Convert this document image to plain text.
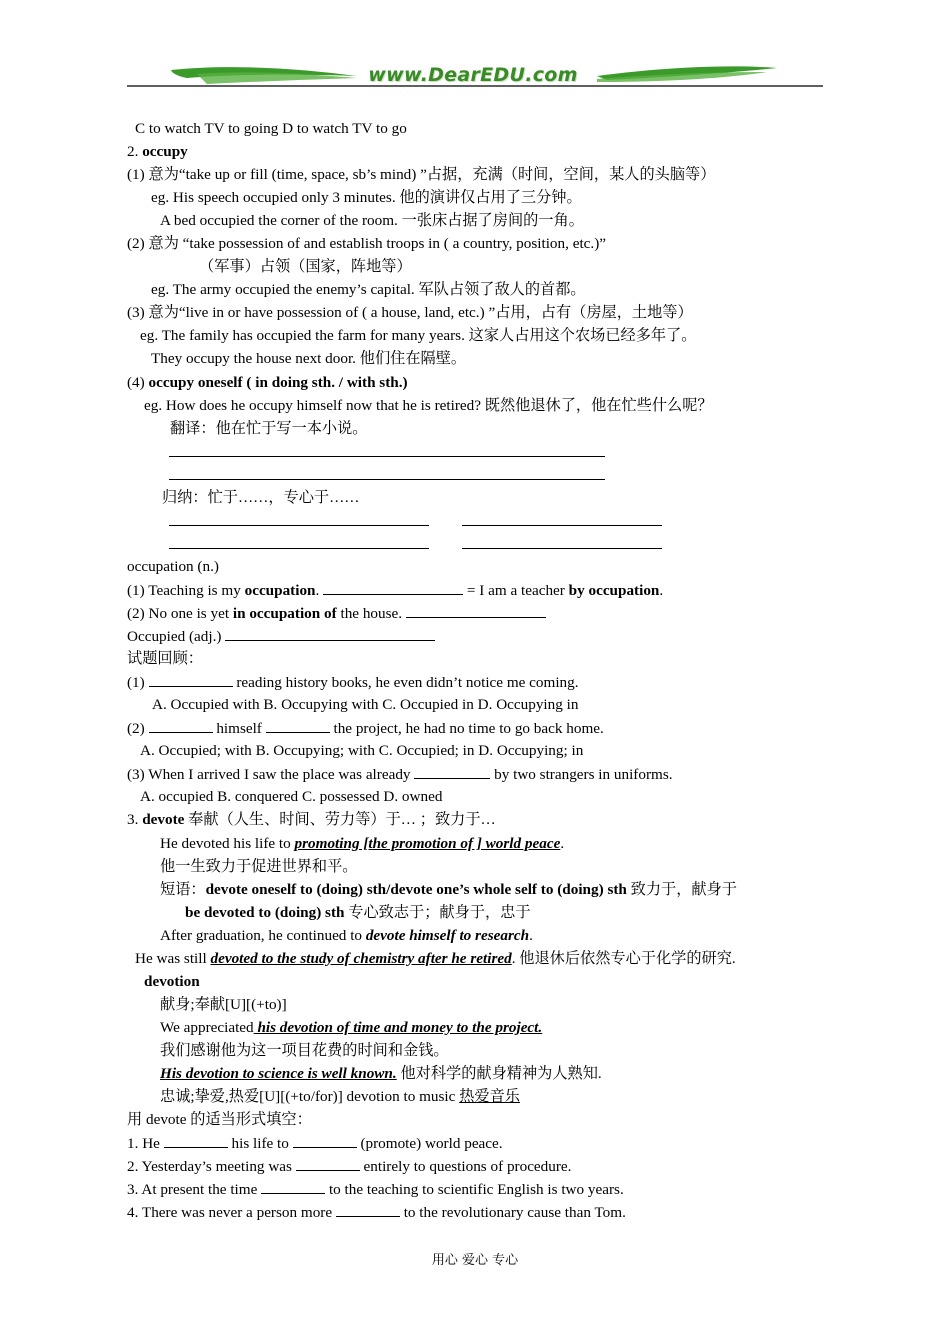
www.DearEDU.com
C to watch TV to going D to watch TV to go
2. occupy
(1) 意为“take up or fill (time, space, sb’s mind) ”占据，充满（时间，空间，某人的头脑等）
eg. His speech occupied only 3 minutes. 他的演讲仅占用了三分钟。
A bed occupied the corner of the room. 一张床占据了房间的一角。
(2) 意为 “take possession of and establish troops in ( a country, position, etc.)”
（军事）占领（国家，阵地等）
eg. The army occupied the enemy’s capital. 军队占领了敌人的首都。
(3) 意为“live in or have possession of ( a house, land, etc.) ”占用，占有（房屋，土地等）
eg. The family has occupied the farm for many years. 这家人占用这个农场已经多年了。
They occupy the house next door. 他们住在隔壁。
(4) occupy oneself ( in doing sth. / with sth.)
eg. How does he occupy himself now that he is retired? 既然他退休了，他在忙些什么呢？
翻译：他在忙于写一本小说。
归纳：忙于……，专心于……
occupation (n.)
(1) Teaching is my occupation.	= I am a teacher by occupation.
(2) No one is yet in occupation of the house.
Occupied (adj.)
试题回顾：
(1)	reading history books, he even didn’t notice me coming.
A. Occupied with B. Occupying with C. Occupied in D. Occupying in
(2)	himself	the project, he had no time to go back home.
A. Occupied; with B. Occupying; with C. Occupied; in D. Occupying; in
(3) When I arrived I saw the place was already	by two strangers in uniforms.
A. occupied B. conquered C. possessed D. owned
3. devote 奉献（人生、时间、劳力等）于… ；致力于…
He devoted his life to promoting [the promotion of ] world peace.
他一生致力于促进世界和平。
短语：devote oneself to (doing) sth/devote one’s whole self to (doing) sth 致力于，献身于
be devoted to (doing) sth 专心致志于；献身于，忠于
After graduation, he continued to devote himself to research.
He was still devoted to the study of chemistry after he retired. 他退休后依然专心于化学的研究.
devotion
献身;奉献[U][(+to)]
We appreciated his devotion of time and money to the project.
我们感谢他为这一项目花费的时间和金钱。
His devotion to science is well known. 他对科学的献身精神为人熟知.
忠诚;挚爱,热爱[U][(+to/for)] devotion to music 热爱音乐
用 devote 的适当形式填空：
1. He	his life to	(promote) world peace.
2. Yesterday’s meeting was	entirely to questions of procedure.
3. At present the time	to the teaching to scientific English is two years.
4. There was never a person more	to the revolutionary cause than Tom.
用心 爱心 专心
